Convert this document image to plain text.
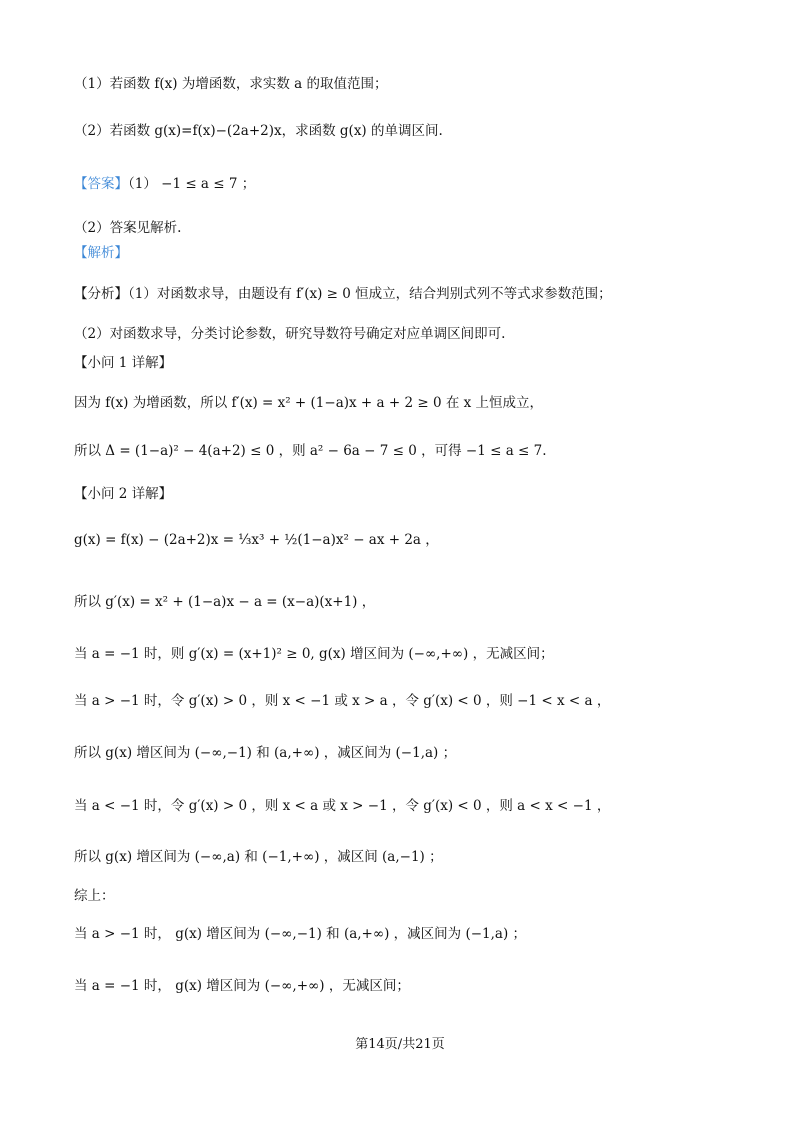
（1）若函数 f(x) 为增函数，求实数 a 的取值范围；
（2）若函数 g(x)=f(x)−(2a+2)x，求函数 g(x) 的单调区间.
【答案】（1） −1 ≤ a ≤ 7 ；
（2）答案见解析.
【解析】
【分析】（1）对函数求导，由题设有 f′(x) ≥ 0 恒成立，结合判别式列不等式求参数范围；
（2）对函数求导，分类讨论参数，研究导数符号确定对应单调区间即可.
【小问 1 详解】
因为 f(x) 为增函数，所以 f′(x) = x² + (1−a)x + a + 2 ≥ 0 在 x 上恒成立，
所以 Δ = (1−a)² − 4(a+2) ≤ 0 ，则 a² − 6a − 7 ≤ 0 ，可得 −1 ≤ a ≤ 7.
【小问 2 详解】
g(x) = f(x) − (2a+2)x = ⅓x³ + ½(1−a)x² − ax + 2a ，
所以 g′(x) = x² + (1−a)x − a = (x−a)(x+1) ，
当 a = −1 时，则 g′(x) = (x+1)² ≥ 0, g(x) 增区间为 (−∞,+∞) ，无减区间；
当 a > −1 时，令 g′(x) > 0 ，则 x < −1 或 x > a ，令 g′(x) < 0 ，则 −1 < x < a ，
所以 g(x) 增区间为 (−∞,−1) 和 (a,+∞) ，减区间为 (−1,a) ；
当 a < −1 时，令 g′(x) > 0 ，则 x < a 或 x > −1 ，令 g′(x) < 0 ，则 a < x < −1 ，
所以 g(x) 增区间为 (−∞,a) 和 (−1,+∞) ，减区间 (a,−1) ；
综上：
当 a > −1 时， g(x) 增区间为 (−∞,−1) 和 (a,+∞) ，减区间为 (−1,a) ；
当 a = −1 时， g(x) 增区间为 (−∞,+∞) ，无减区间；
第14页/共21页
